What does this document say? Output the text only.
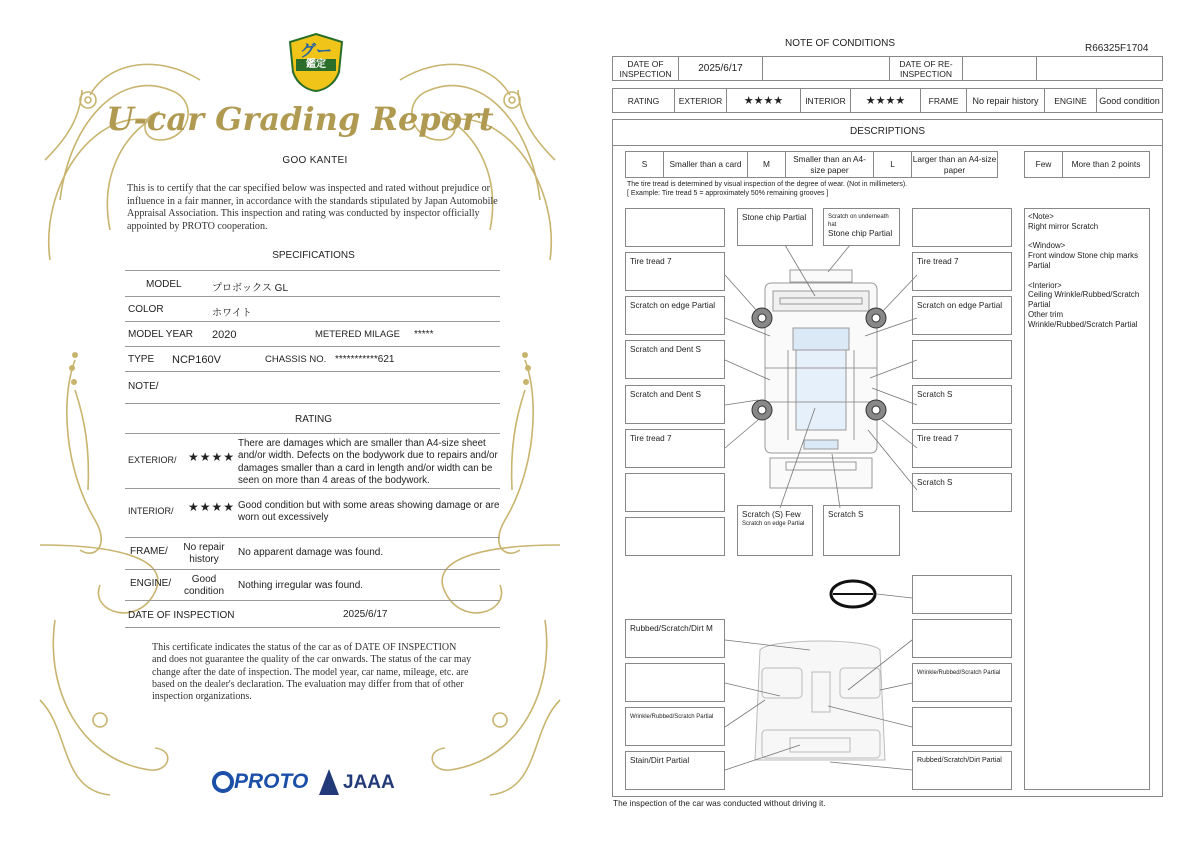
グー
鑑定
U-car Grading Report
GOO KANTEI
This is to certify that the car specified below was inspected and rated without prejudice or influence in a fair manner, in accordance with the standards stipulated by Japan Automobile Appraisal Association. This inspection and rating was conducted by inspector officially appointed by PROTO cooperation.
SPECIFICATIONS
MODEL	プロボックス GL
COLOR	ホワイト
MODEL YEAR 2020	METERED MILAGE *****
TYPE NCP160V	CHASSIS NO. ***********621
NOTE/
RATING
EXTERIOR/ ★★★★
There are damages which are smaller than A4-size sheet and/or width. Defects on the bodywork due to repairs and/or damages smaller than a card in length and/or width can be seen on more than 4 areas of the bodywork.
INTERIOR/ ★★★★ Good condition but with some areas showing damage or are worn out excessively
FRAME/	No repair history
No apparent damage was found.
ENGINE/	Good condition	Nothing irregular was found.
DATE OF INSPECTION	2025/6/17
This certificate indicates the status of the car as of DATE OF INSPECTION and does not guarantee the quality of the car onwards. The status of the car may change after the date of inspection. The model year, car name, mileage, etc. are based on the dealer's declaration. The evaluation may differ from that of other inspection organizations.
PROTO JAAA
NOTE OF CONDITIONS	R66325F1704
DATE OF INSPECTION	2025/6/17		DATE OF RE-INSPECTION		
RATING	EXTERIOR	★★★★	INTERIOR	★★★★	FRAME	No repair history	ENGINE	Good condition
DESCRIPTIONS
S	Smaller than a card	M	Smaller than an A4-size paper	L	Larger than an A4-size paper
Few	More than 2 points
The tire tread is determined by visual inspection of the degree of wear. (Not in millimeters).
[ Example: Tire tread 5 = approximately 50% remaining grooves ]
Tire tread 7
Scratch on edge Partial
Scratch and Dent S
Scratch and Dent S
Tire tread 7
Stone chip Partial	Scratch on underneath hat
Stone chip Partial
Tire tread 7
Scratch on edge Partial
Scratch S
Tire tread 7
Scratch S
Scratch (S) Few
Scratch on edge Partial
Scratch S
Rubbed/Scratch/Dirt M
Wrinkle/Rubbed/Scratch Partial
Wrinkle/Rubbed/Scratch Partial
Stain/Dirt Partial	Rubbed/Scratch/Dirt Partial
<Note>

Right mirror Scratch

<Window>

Front window Stone chip marks Partial

<Interior>
Ceiling Wrinkle/Rubbed/Scratch Partial
Other trim Wrinkle/Rubbed/Scratch Partial
The inspection of the car was conducted without driving it.
